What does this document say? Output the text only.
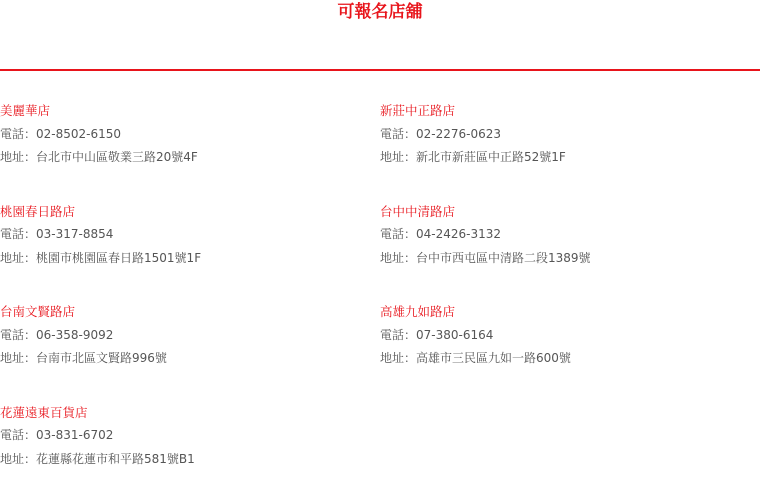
可報名店舖
美麗華店
電話：02-8502-6150
地址：台北市中山區敬業三路20號4F
新莊中正路店
電話：02-2276-0623
地址：新北市新莊區中正路52號1F
桃園春日路店
電話：03-317-8854
地址：桃園市桃園區春日路1501號1F
台中中清路店
電話：04-2426-3132
地址：台中市西屯區中清路二段1389號
台南文賢路店
電話：06-358-9092
地址：台南市北區文賢路996號
高雄九如路店
電話：07-380-6164
地址：高雄市三民區九如一路600號
花蓮遠東百貨店
電話：03-831-6702
地址：花蓮縣花蓮市和平路581號B1
